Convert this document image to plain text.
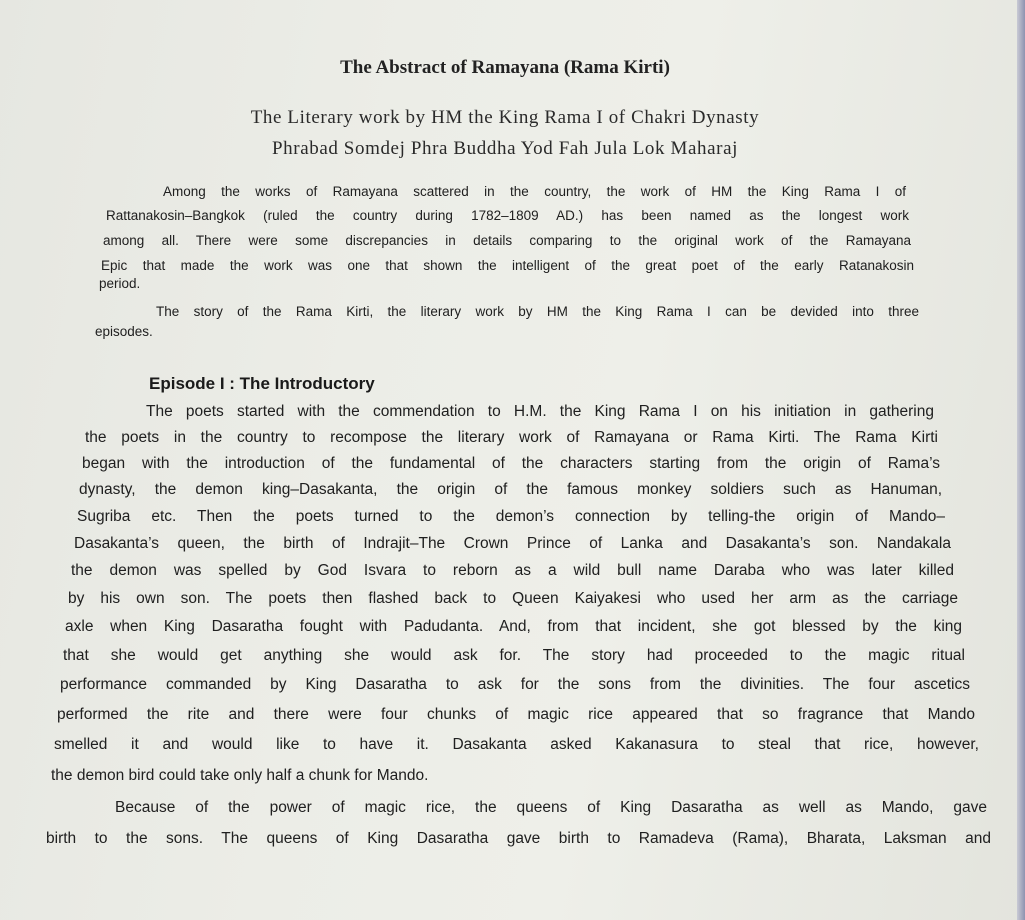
The Abstract of Ramayana (Rama Kirti)
The Literary work by HM the King Rama I of Chakri Dynasty
Phrabad Somdej Phra Buddha Yod Fah Jula Lok Maharaj
Among the works of Ramayana scattered in the country, the work of HM the King Rama I of
Rattanakosin–Bangkok (ruled the country during 1782–1809 AD.) has been named as the longest work
among all. There were some discrepancies in details comparing to the original work of the Ramayana
Epic that made the work was one that shown the intelligent of the great poet of the early Ratanakosin
period.
The story of the Rama Kirti, the literary work by HM the King Rama I can be devided into three
episodes.
Episode I : The Introductory
The poets started with the commendation to H.M. the King Rama I on his initiation in gathering
the poets in the country to recompose the literary work of Ramayana or Rama Kirti. The Rama Kirti
began with the introduction of the fundamental of the characters starting from the origin of Rama’s
dynasty, the demon king–Dasakanta, the origin of the famous monkey soldiers such as Hanuman,
Sugriba etc. Then the poets turned to the demon’s connection by telling-the origin of Mando–
Dasakanta’s queen, the birth of Indrajit–The Crown Prince of Lanka and Dasakanta’s son. Nandakala
the demon was spelled by God Isvara to reborn as a wild bull name Daraba who was later killed
by his own son. The poets then flashed back to Queen Kaiyakesi who used her arm as the carriage
axle when King Dasaratha fought with Padudanta. And, from that incident, she got blessed by the king
that she would get anything she would ask for. The story had proceeded to the magic ritual
performance commanded by King Dasaratha to ask for the sons from the divinities. The four ascetics
performed the rite and there were four chunks of magic rice appeared that so fragrance that Mando
smelled it and would like to have it. Dasakanta asked Kakanasura to steal that rice, however,
the demon bird could take only half a chunk for Mando.
Because of the power of magic rice, the queens of King Dasaratha as well as Mando, gave
birth to the sons. The queens of King Dasaratha gave birth to Ramadeva (Rama), Bharata, Laksman and
